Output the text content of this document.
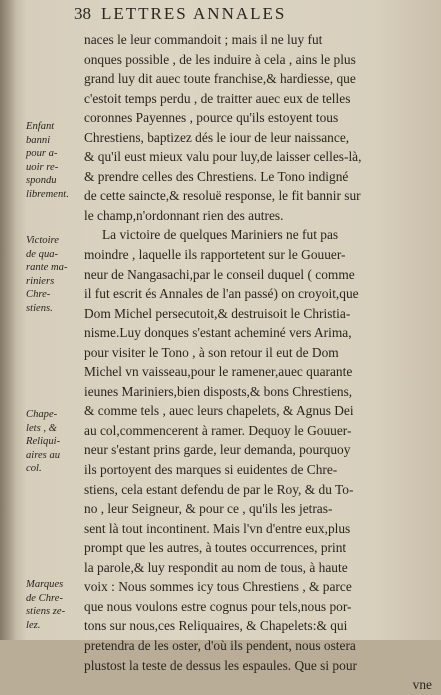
38 LETTRES ANNALES
naces le leur commandoit ; mais il ne luy fut
onques possible , de les induire à cela , ains le plus
grand luy dit auec toute franchise,& hardiesse, que
c'estoit temps perdu , de traitter auec eux de telles
coronnes Payennes , pource qu'ils estoyent tous
Chrestiens, baptizez dés le iour de leur naissance,
& qu'il eust mieux valu pour luy,de laisser celles-là,
& prendre celles des Chrestiens. Le Tono indigné
de cette saincte,& resoluë response, le fit bannir sur
le champ,n'ordonnant rien des autres.
La victoire de quelques Mariniers ne fut pas
moindre , laquelle ils rapportetent sur le Gouuer-
neur de Nangasachi,par le conseil duquel ( comme
il fut escrit és Annales de l'an passé) on croyoit,que
Dom Michel persecutoit,& destruisoit le Christia-
nisme.Luy donques s'estant acheminé vers Arima,
pour visiter le Tono , à son retour il eut de Dom
Michel vn vaisseau,pour le ramener,auec quarante
ieunes Mariniers,bien disposts,& bons Chrestiens,
& comme tels , auec leurs chapelets, & Agnus Dei
au col,commencerent à ramer. Dequoy le Gouuer-
neur s'estant prins garde, leur demanda, pourquoy
ils portoyent des marques si euidentes de Chre-
stiens, cela estant defendu de par le Roy, & du To-
no , leur Seigneur, & pour ce , qu'ils les jetras-
sent là tout incontinent. Mais l'vn d'entre eux,plus
prompt que les autres, à toutes occurrences, print
la parole,& luy respondit au nom de tous, à haute
voix : Nous sommes icy tous Chrestiens , & parce
que nous voulons estre cognus pour tels,nous por-
tons sur nous,ces Reliquaires, & Chapelets:& qui
pretendra de les oster, d'où ils pendent, nous ostera
plustost la teste de dessus les espaules. Que si pour
vne
Enfant
banni
pour a-
uoir re-
spondu
librement.
Victoire
de qua-
rante ma-
riniers
Chre-
stiens.
Chape-
lets , &
Reliqui-
aires au
col.
Marques
de Chre-
stiens ze-
lez.
